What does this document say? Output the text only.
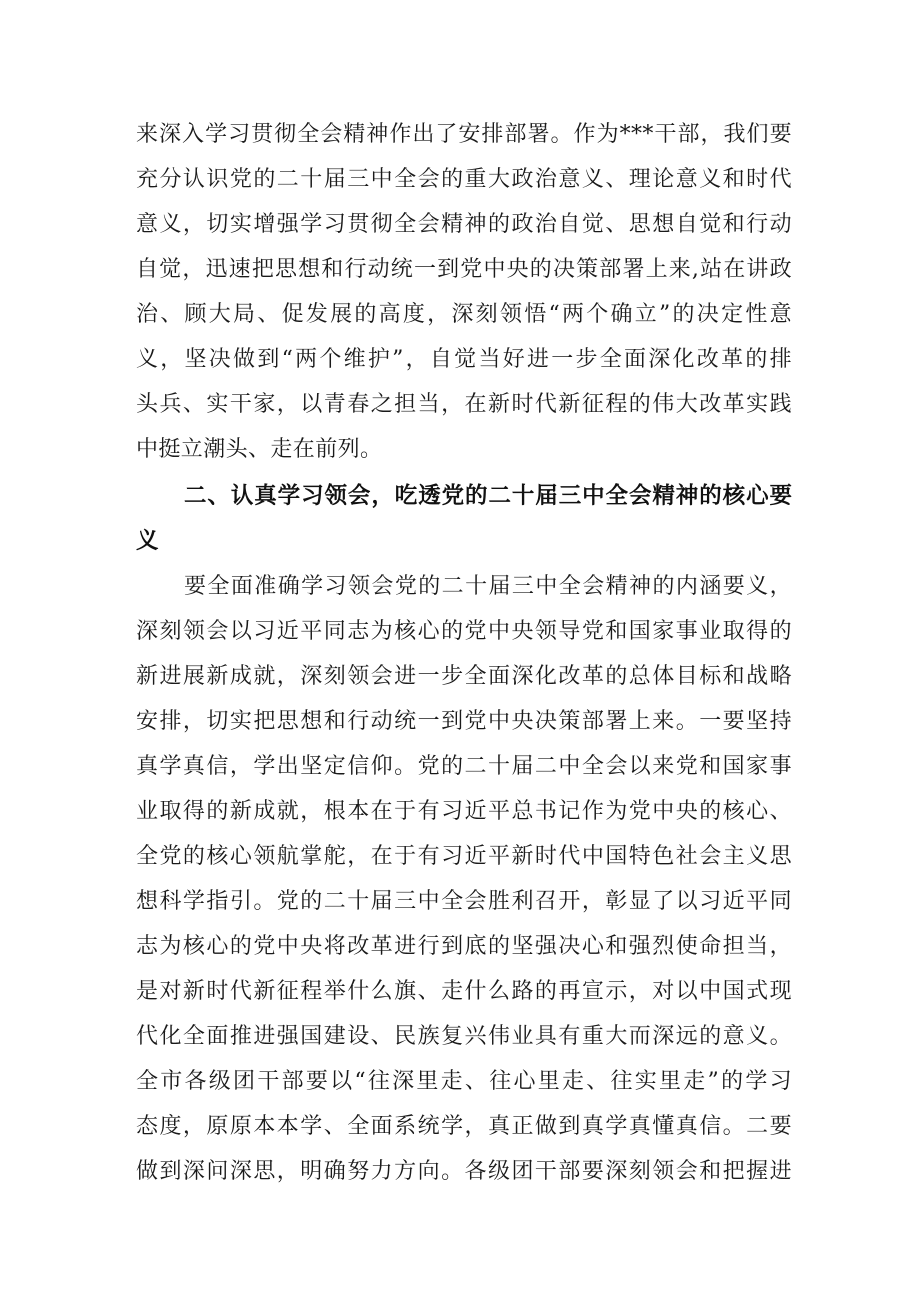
来深入学习贯彻全会精神作出了安排部署。作为***干部，我们要
充分认识党的二十届三中全会的重大政治意义、理论意义和时代
意义，切实增强学习贯彻全会精神的政治自觉、思想自觉和行动
自觉，迅速把思想和行动统一到党中央的决策部署上来,站在讲政
治、顾大局、促发展的高度，深刻领悟“两个确立”的决定性意
义，坚决做到“两个维护”，自觉当好进一步全面深化改革的排
头兵、实干家，以青春之担当，在新时代新征程的伟大改革实践
中挺立潮头、走在前列。
二、认真学习领会，吃透党的二十届三中全会精神的核心要
义
要全面准确学习领会党的二十届三中全会精神的内涵要义，
深刻领会以习近平同志为核心的党中央领导党和国家事业取得的
新进展新成就，深刻领会进一步全面深化改革的总体目标和战略
安排，切实把思想和行动统一到党中央决策部署上来。一要坚持
真学真信，学出坚定信仰。党的二十届二中全会以来党和国家事
业取得的新成就，根本在于有习近平总书记作为党中央的核心、
全党的核心领航掌舵，在于有习近平新时代中国特色社会主义思
想科学指引。党的二十届三中全会胜利召开，彰显了以习近平同
志为核心的党中央将改革进行到底的坚强决心和强烈使命担当，
是对新时代新征程举什么旗、走什么路的再宣示，对以中国式现
代化全面推进强国建设、民族复兴伟业具有重大而深远的意义。
全市各级团干部要以“往深里走、往心里走、往实里走”的学习
态度，原原本本学、全面系统学，真正做到真学真懂真信。二要
做到深问深思，明确努力方向。各级团干部要深刻领会和把握进
